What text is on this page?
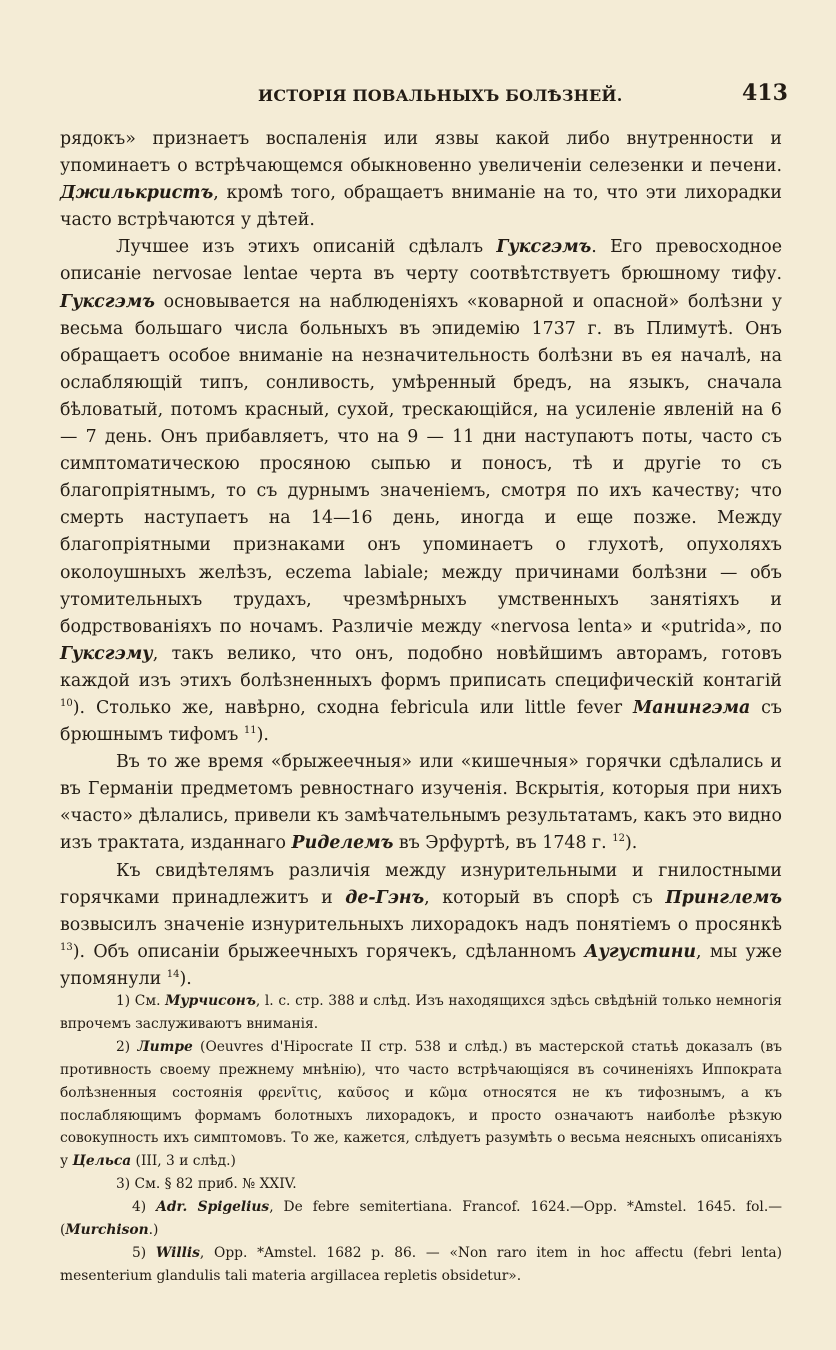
ИСТОРІЯ ПОВАЛЬНЫХЪ БОЛѢЗНЕЙ.	413

рядокъ» признаетъ воспаленія или язвы какой либо внутренности и упоминаетъ о встрѣчающемся обыкновенно увеличеніи селезенки и печени. Джилькристъ, кромѣ того, обращаетъ вниманіе на то, что эти лихорадки часто встрѣчаются у дѣтей.

Лучшее изъ этихъ описаній сдѣлалъ Гуксгэмъ. Его превосходное описаніе nervosae lentae черта въ черту соотвѣтствуетъ брюшному тифу. Гуксгэмъ основывается на наблюденіяхъ «коварной и опасной» болѣзни у весьма большаго числа больныхъ въ эпидемію 1737 г. въ Плимутѣ. Онъ обращаетъ особое вниманіе на незначительность болѣзни въ ея началѣ, на ослабляющій типъ, сонливость, умѣренный бредъ, на языкъ, сначала бѣловатый, потомъ красный, сухой, трескающійся, на усиленіе явленій на 6 — 7 день. Онъ прибавляетъ, что на 9 — 11 дни наступаютъ поты, часто съ симптоматическою просяною сыпью и поносъ, тѣ и другіе то съ благопріятнымъ, то съ дурнымъ значеніемъ, смотря по ихъ качеству; что смерть наступаетъ на 14—16 день, иногда и еще позже. Между благопріятными признаками онъ упоминаетъ о глухотѣ, опухоляхъ околоушныхъ желѣзъ, eczema labiale; между причинами болѣзни — объ утомительныхъ трудахъ, чрезмѣрныхъ умственныхъ занятіяхъ и бодрствованіяхъ по ночамъ. Различіе между «nervosa lenta» и «putrida», по Гуксгэму, такъ велико, что онъ, подобно новѣйшимъ авторамъ, готовъ каждой изъ этихъ болѣзненныхъ формъ приписать специфическій контагій $^{10}$). Столько же, навѣрно, сходна febricula или little fever Манингэма съ брюшнымъ тифомъ $^{11}$).

Въ то же время «брыжеечныя» или «кишечныя» горячки сдѣлались и въ Германіи предметомъ ревностнаго изученія. Вскрытія, которыя при нихъ «часто» дѣлались, привели къ замѣчательнымъ результатамъ, какъ это видно изъ трактата, изданнаго Риделемъ въ Эрфуртѣ, въ 1748 г. $^{12}$).

Къ свидѣтелямъ различія между изнурительными и гнилостными горячками принадлежитъ и де-Гэнъ, который въ спорѣ съ Принглемъ возвысилъ значеніе изнурительныхъ лихорадокъ надъ понятіемъ о просянкѣ $^{13}$). Объ описаніи брыжеечныхъ горячекъ, сдѣланномъ Аугустини, мы уже упомянули $^{14}$).

1) См. Мурчисонъ, l. c. стр. 388 и слѣд. Изъ находящихся здѣсь свѣдѣній только немногія впрочемъ заслуживаютъ вниманія.

2) Литре (Oeuvres d'Hipocrate II стр. 538 и слѣд.) въ мастерской статьѣ доказалъ (въ противность своему прежнему мнѣнію), что часто встрѣчающіяся въ сочиненіяхъ Иппократа болѣзненныя состоянія φρενῖτις, καῦσος и κῶμα относятся не къ тифознымъ, а къ послабляющимъ формамъ болотныхъ лихорадокъ, и просто означаютъ наиболѣе рѣзкую совокупность ихъ симптомовъ. То же, кажется, слѣдуетъ разумѣть о весьма неясныхъ описаніяхъ у Цельса (III, 3 и слѣд.)

3) См. § 82 приб. № XXIV.

4) Adr. Spigelius, De febre semitertiana. Francof. 1624.—Opp. *Amstel. 1645. fol.— (Murchison.)

5) Willis, Opp. *Amstel. 1682 p. 86. — «Non raro item in hoc affectu (febri lenta) mesenterium glandulis tali materia argillacea repletis obsidetur».
